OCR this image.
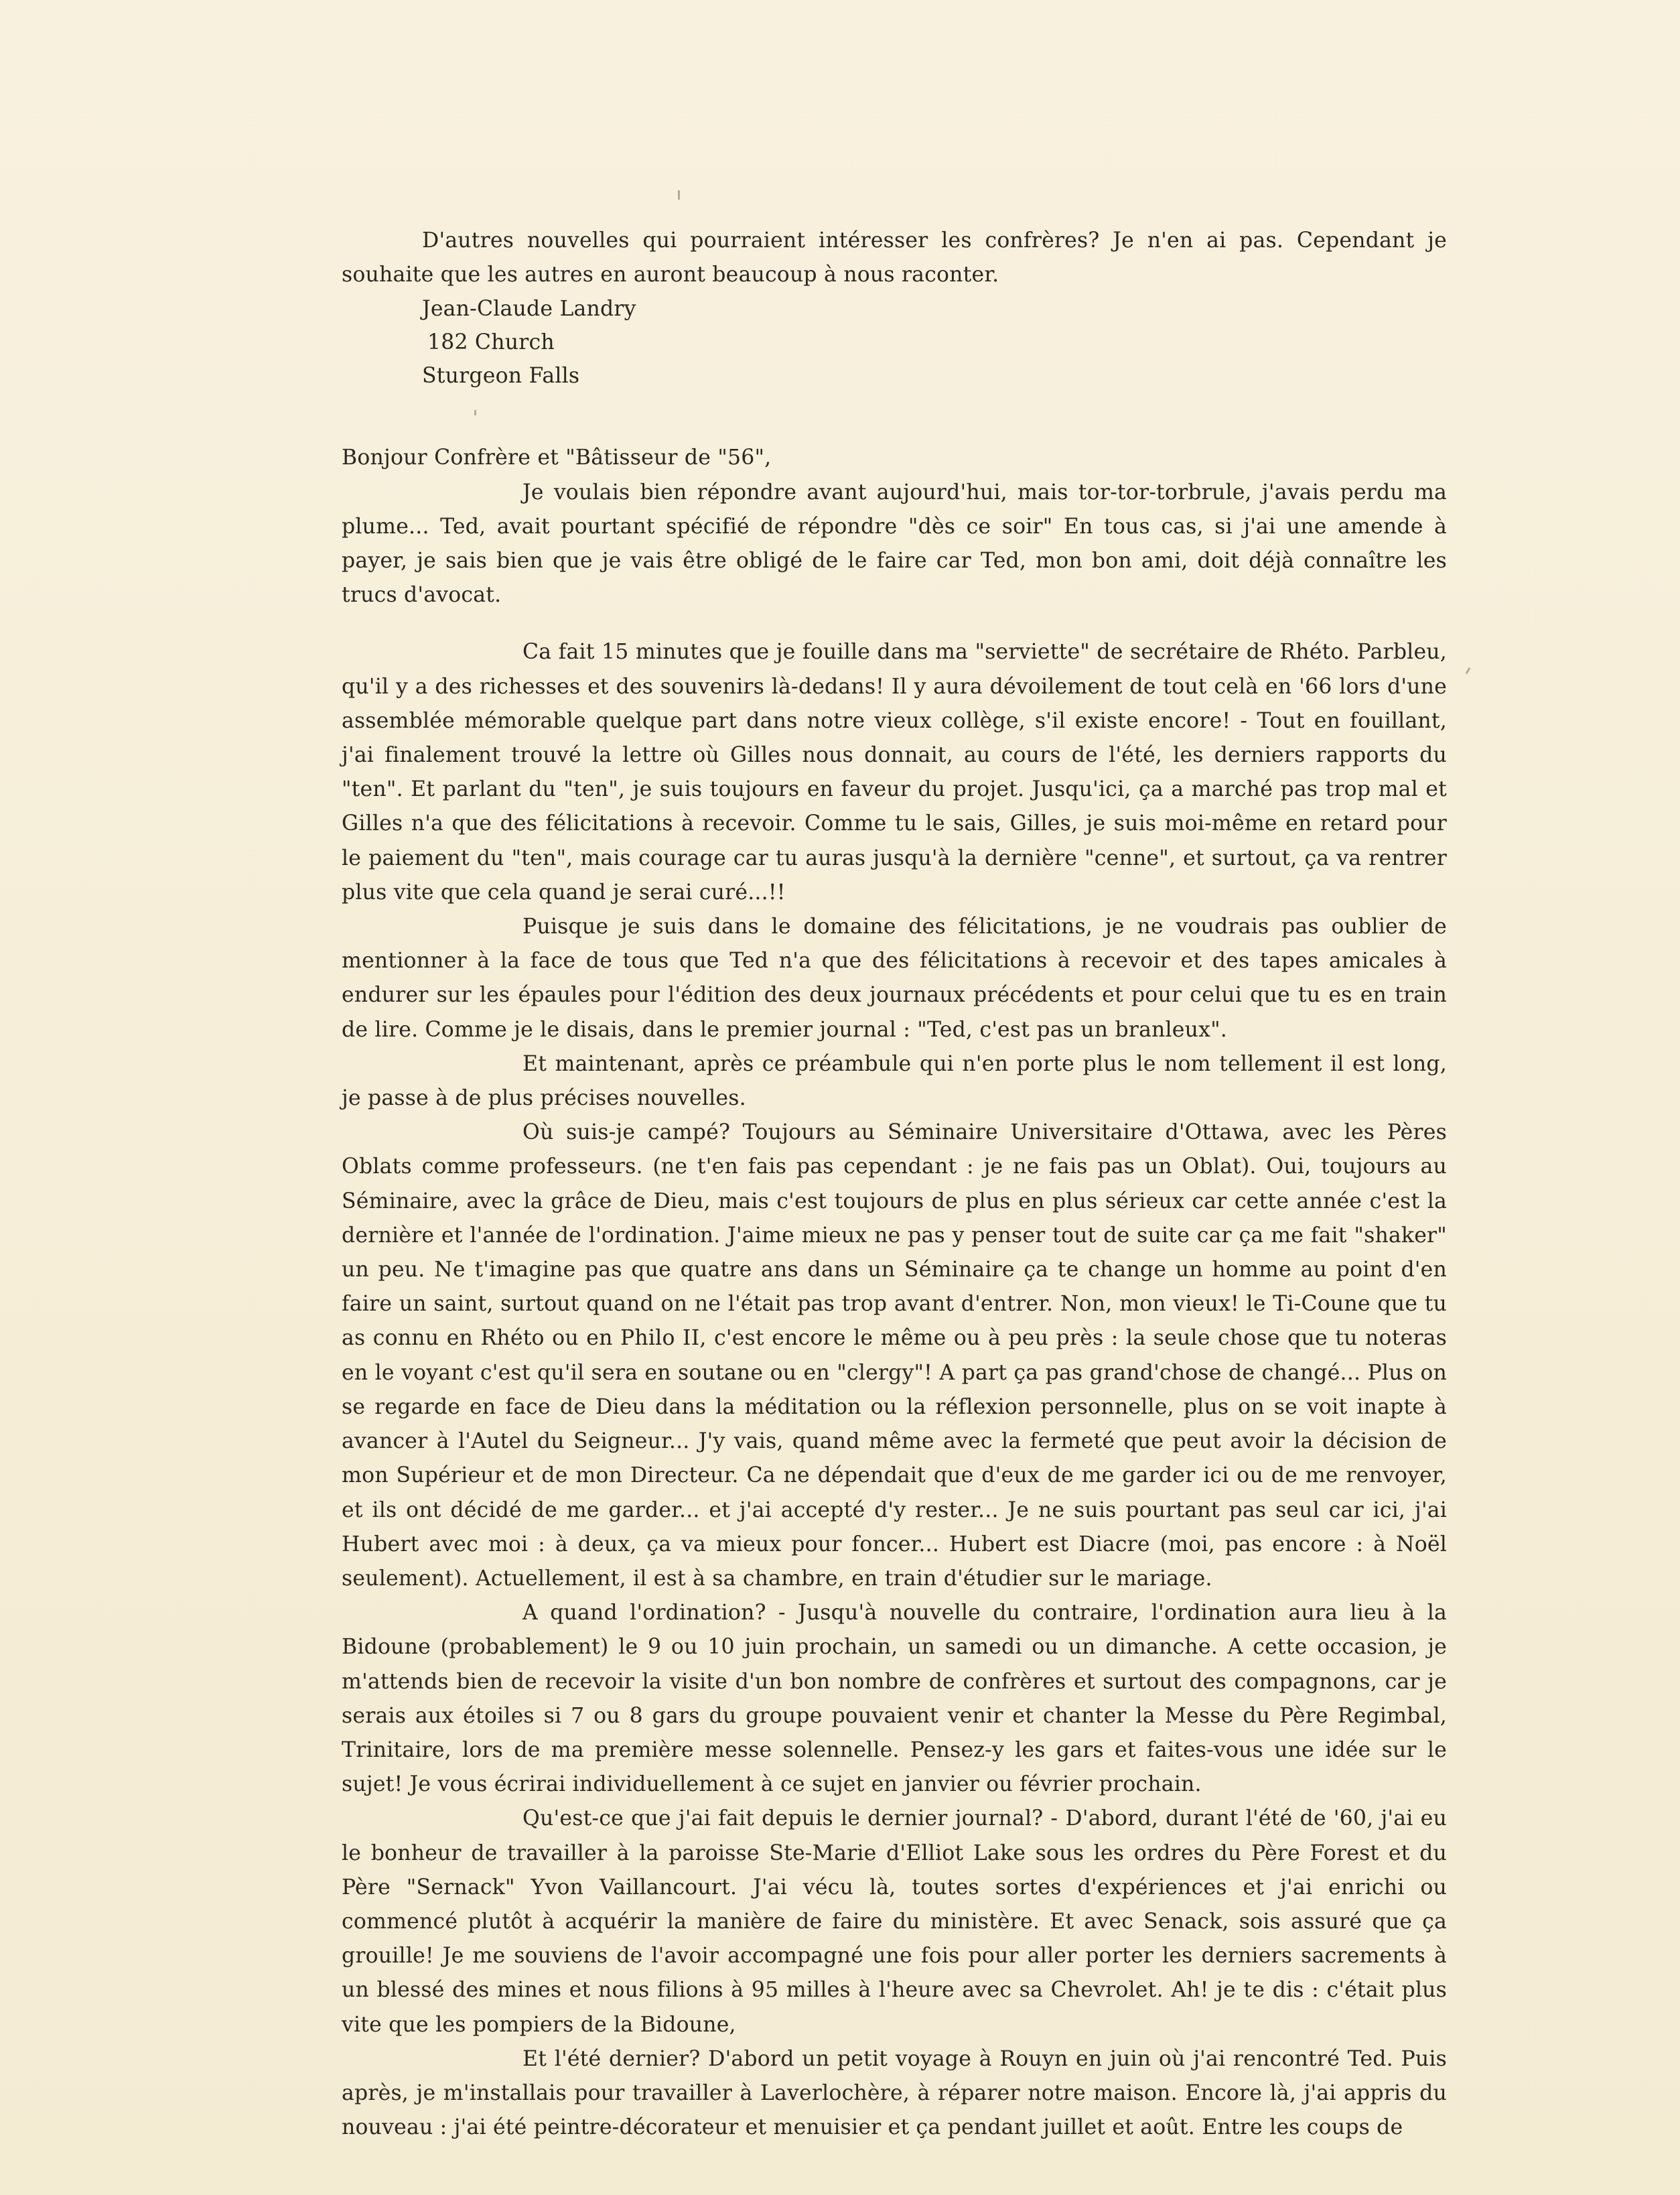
D'autres nouvelles qui pourraient intéresser les confrères? Je n'en ai pas. Cependant je souhaite que les autres en auront beaucoup à nous raconter.

Jean-Claude Landry

182 Church

Sturgeon Falls

Bonjour Confrère et "Bâtisseur de "56",

Je voulais bien répondre avant aujourd'hui, mais tor-tor-torbrule, j'avais perdu ma plume... Ted, avait pourtant spécifié de répondre "dès ce soir" En tous cas, si j'ai une amende à payer, je sais bien que je vais être obligé de le faire car Ted, mon bon ami, doit déjà connaître les trucs d'avocat.

Ca fait 15 minutes que je fouille dans ma "serviette" de secrétaire de Rhéto. Parbleu, qu'il y a des richesses et des souvenirs là-dedans! Il y aura dévoilement de tout celà en '66 lors d'une assemblée mémorable quelque part dans notre vieux collège, s'il existe encore! - Tout en fouillant, j'ai finalement trouvé la lettre où Gilles nous donnait, au cours de l'été, les derniers rapports du "ten". Et parlant du "ten", je suis toujours en faveur du projet. Jusqu'ici, ça a marché pas trop mal et Gilles n'a que des félicitations à recevoir. Comme tu le sais, Gilles, je suis moi-même en retard pour le paiement du "ten", mais courage car tu auras jusqu'à la dernière "cenne", et surtout, ça va rentrer plus vite que cela quand je serai curé...!!

Puisque je suis dans le domaine des félicitations, je ne voudrais pas oublier de mentionner à la face de tous que Ted n'a que des félicitations à recevoir et des tapes amicales à endurer sur les épaules pour l'édition des deux journaux précédents et pour celui que tu es en train de lire. Comme je le disais, dans le premier journal : "Ted, c'est pas un branleux".

Et maintenant, après ce préambule qui n'en porte plus le nom tellement il est long, je passe à de plus précises nouvelles.

Où suis-je campé? Toujours au Séminaire Universitaire d'Ottawa, avec les Pères Oblats comme professeurs. (ne t'en fais pas cependant : je ne fais pas un Oblat). Oui, toujours au Séminaire, avec la grâce de Dieu, mais c'est toujours de plus en plus sérieux car cette année c'est la dernière et l'année de l'ordination. J'aime mieux ne pas y penser tout de suite car ça me fait "shaker" un peu. Ne t'imagine pas que quatre ans dans un Séminaire ça te change un homme au point d'en faire un saint, surtout quand on ne l'était pas trop avant d'entrer. Non, mon vieux! le Ti-Coune que tu as connu en Rhéto ou en Philo II, c'est encore le même ou à peu près : la seule chose que tu noteras en le voyant c'est qu'il sera en soutane ou en "clergy"! A part ça pas grand'chose de changé... Plus on se regarde en face de Dieu dans la méditation ou la réflexion personnelle, plus on se voit inapte à avancer à l'Autel du Seigneur... J'y vais, quand même avec la fermeté que peut avoir la décision de mon Supérieur et de mon Directeur. Ca ne dépendait que d'eux de me garder ici ou de me renvoyer, et ils ont décidé de me garder... et j'ai accepté d'y rester... Je ne suis pourtant pas seul car ici, j'ai Hubert avec moi : à deux, ça va mieux pour foncer... Hubert est Diacre (moi, pas encore : à Noël seulement). Actuellement, il est à sa chambre, en train d'étudier sur le mariage.

A quand l'ordination? - Jusqu'à nouvelle du contraire, l'ordination aura lieu à la Bidoune (probablement) le 9 ou 10 juin prochain, un samedi ou un dimanche. A cette occasion, je m'attends bien de recevoir la visite d'un bon nombre de confrères et surtout des compagnons, car je serais aux étoiles si 7 ou 8 gars du groupe pouvaient venir et chanter la Messe du Père Regimbal, Trinitaire, lors de ma première messe solennelle. Pensez-y les gars et faites-vous une idée sur le sujet! Je vous écrirai individuellement à ce sujet en janvier ou février prochain.

Qu'est-ce que j'ai fait depuis le dernier journal? - D'abord, durant l'été de '60, j'ai eu le bonheur de travailler à la paroisse Ste-Marie d'Elliot Lake sous les ordres du Père Forest et du Père "Sernack" Yvon Vaillancourt. J'ai vécu là, toutes sortes d'expériences et j'ai enrichi ou commencé plutôt à acquérir la manière de faire du ministère. Et avec Senack, sois assuré que ça grouille! Je me souviens de l'avoir accompagné une fois pour aller porter les derniers sacrements à un blessé des mines et nous filions à 95 milles à l'heure avec sa Chevrolet. Ah! je te dis : c'était plus vite que les pompiers de la Bidoune,

Et l'été dernier? D'abord un petit voyage à Rouyn en juin où j'ai rencontré Ted. Puis après, je m'installais pour travailler à Laverlochère, à réparer notre maison. Encore là, j'ai appris du nouveau : j'ai été peintre-décorateur et menuisier et ça pendant juillet et août. Entre les coups de
